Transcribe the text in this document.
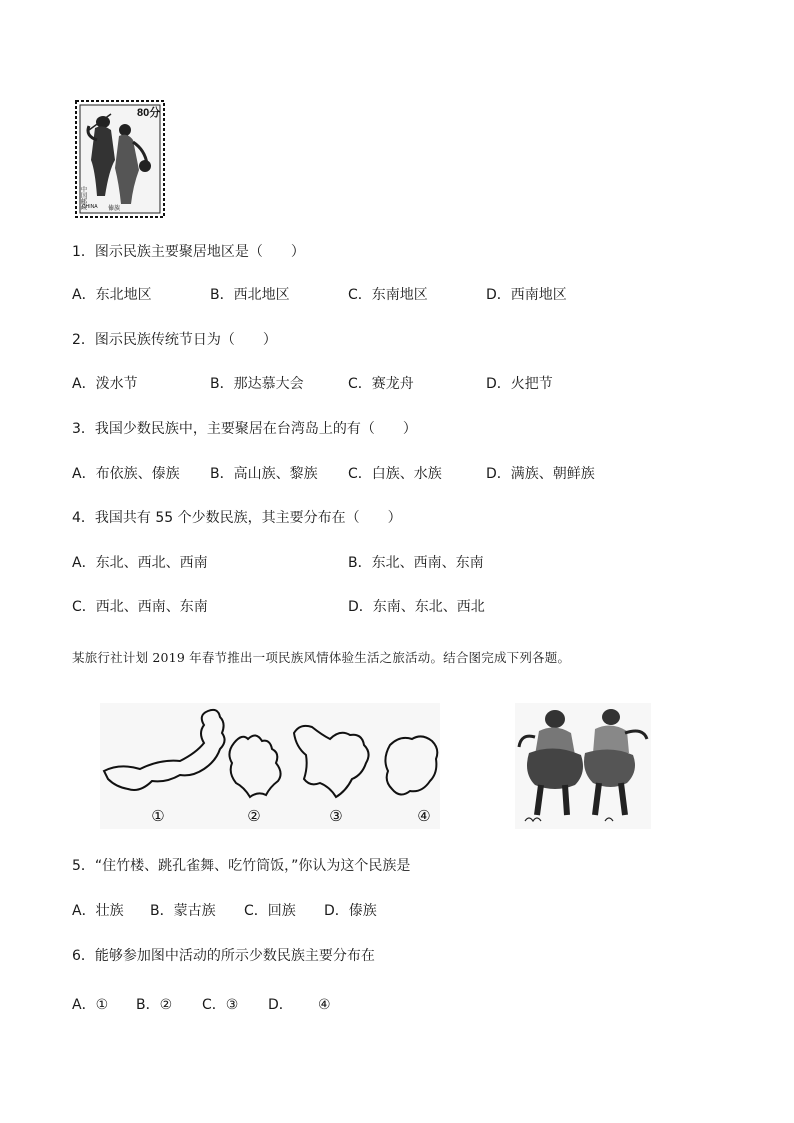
80分
中国邮政
CHINA 傣族
1．图示民族主要聚居地区是（　　）
A．东北地区	B．西北地区	C．东南地区	D．西南地区
2．图示民族传统节日为（　　）
A．泼水节	B．那达慕大会	C．赛龙舟	D．火把节
3．我国少数民族中，主要聚居在台湾岛上的有（　　）
A．布依族、傣族 B．高山族、黎族 C．白族、水族	D．满族、朝鲜族
4．我国共有 55 个少数民族，其主要分布在（　　）
A．东北、西北、西南	B．东北、西南、东南
C．西北、西南、东南	D．东南、东北、西北
某旅行社计划 2019 年春节推出一项民族风情体验生活之旅活动。结合图完成下列各题。
①	②	③	④
5．“住竹楼、跳孔雀舞、吃竹筒饭，”你认为这个民族是
A．壮族 B．蒙古族 C．回族 D．傣族
6．能够参加图中活动的所示少数民族主要分布在
A．① B．② C．③ D． ④
